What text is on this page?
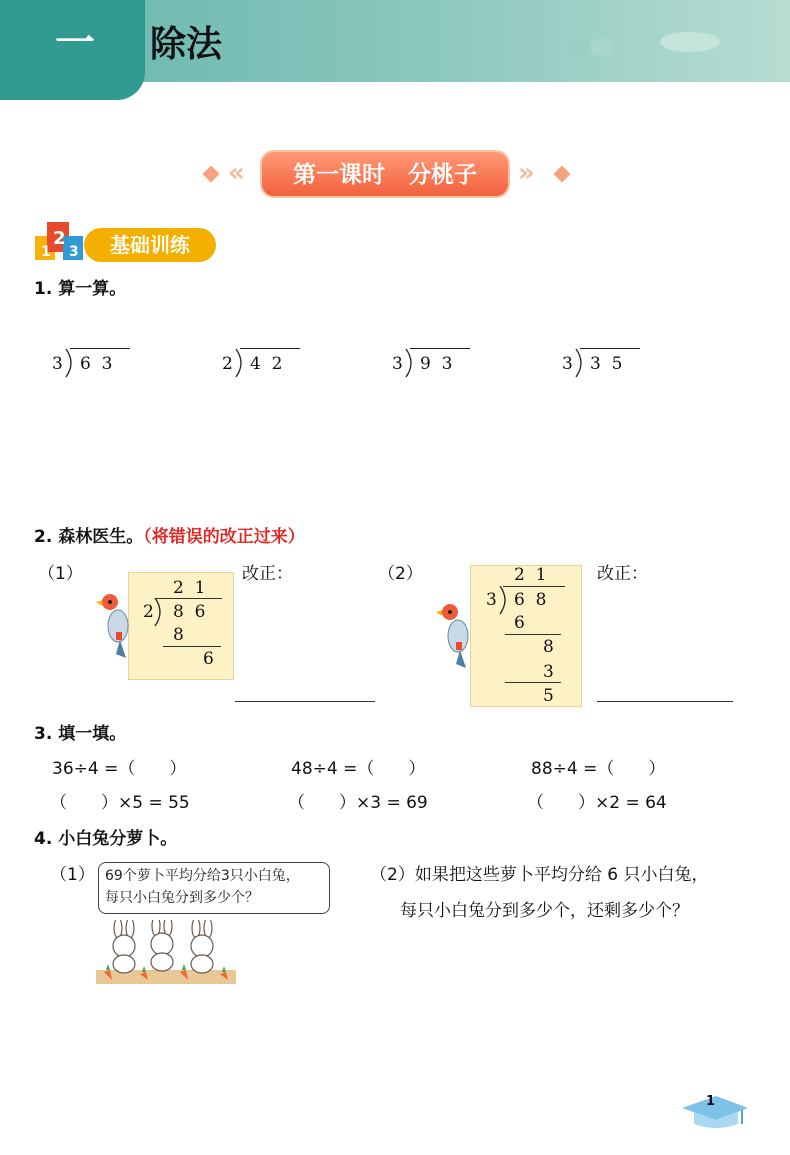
一 除法
«	第一课时　分桃子	»
1
2
3	基础训练
1. 算一算。
3 6  3	2 4  2	3 9  3	3 3  5
2. 森林医生。（将错误的改正过来）
（1）
2  1
2 8  6
8
6
改正：	（2）	2  1
3 6  8
6
8
3
5
改正：
3. 填一填。
36÷4 =（　　）	48÷4 =（　　）	88÷4 =（　　）
（　　）×5 = 55	（　　）×3 = 69	（　　）×2 = 64
4. 小白兔分萝卜。
（1） 69个萝卜平均分给3只小白兔，
每只小白兔分到多少个？
（2）如果把这些萝卜平均分给 6 只小白兔，
每只小白兔分到多少个，还剩多少个？
1
